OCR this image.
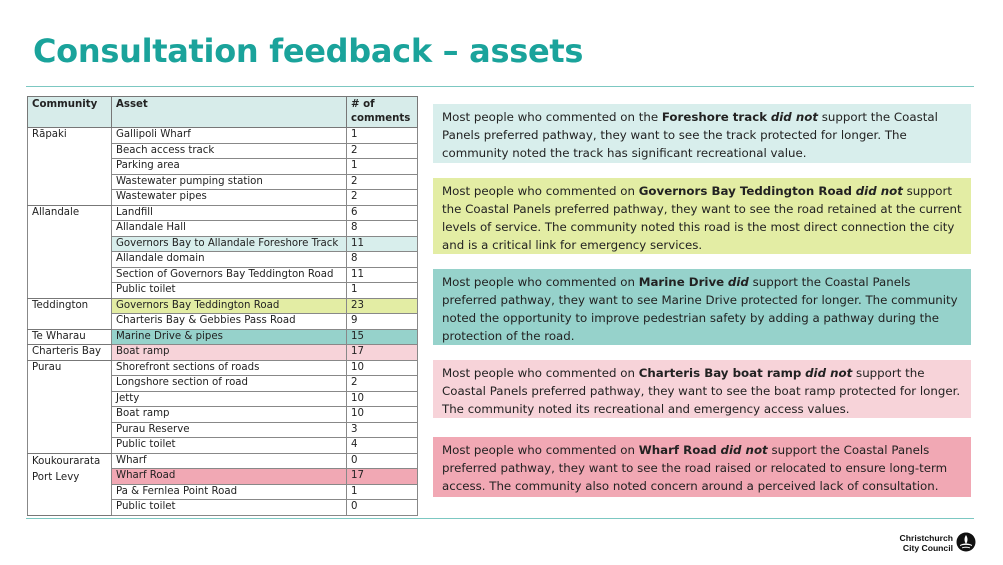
Consultation feedback – assets
Community	Asset	# of comments
Rāpaki	Gallipoli Wharf	1
	Beach access track	2
	Parking area	1
	Wastewater pumping station	2
	Wastewater pipes	2
Allandale	Landfill	6
	Allandale Hall	8
	Governors Bay to Allandale Foreshore Track	11
	Allandale domain	8
	Section of Governors Bay Teddington Road	11
	Public toilet	1
Teddington	Governors Bay Teddington Road	23
	Charteris Bay & Gebbies Pass Road	9
Te Wharau	Marine Drive & pipes	15
Charteris Bay	Boat ramp	17
Purau	Shorefront sections of roads	10
	Longshore section of road	2
	Jetty	10
	Boat ramp	10
	Purau Reserve	3
	Public toilet	4
Koukourarata Port Levy	Wharf	0
	Wharf Road	17
	Pa & Fernlea Point Road	1
	Public toilet	0
Most people who commented on the Foreshore track did not support the Coastal Panels preferred pathway, they want to see the track protected for longer. The community noted the track has significant recreational value.
Most people who commented on Governors Bay Teddington Road did not support the Coastal Panels preferred pathway, they want to see the road retained at the current levels of service. The community noted this road is the most direct connection the city and is a critical link for emergency services.
Most people who commented on Marine Drive did support the Coastal Panels preferred pathway, they want to see Marine Drive protected for longer. The community noted the opportunity to improve pedestrian safety by adding a pathway during the protection of the road.
Most people who commented on Charteris Bay boat ramp did not support the Coastal Panels preferred pathway, they want to see the boat ramp protected for longer. The community noted its recreational and emergency access values.
Most people who commented on Wharf Road did not support the Coastal Panels preferred pathway, they want to see the road raised or relocated to ensure long-term access. The community also noted concern around a perceived lack of consultation.
Christchurch
City Council
